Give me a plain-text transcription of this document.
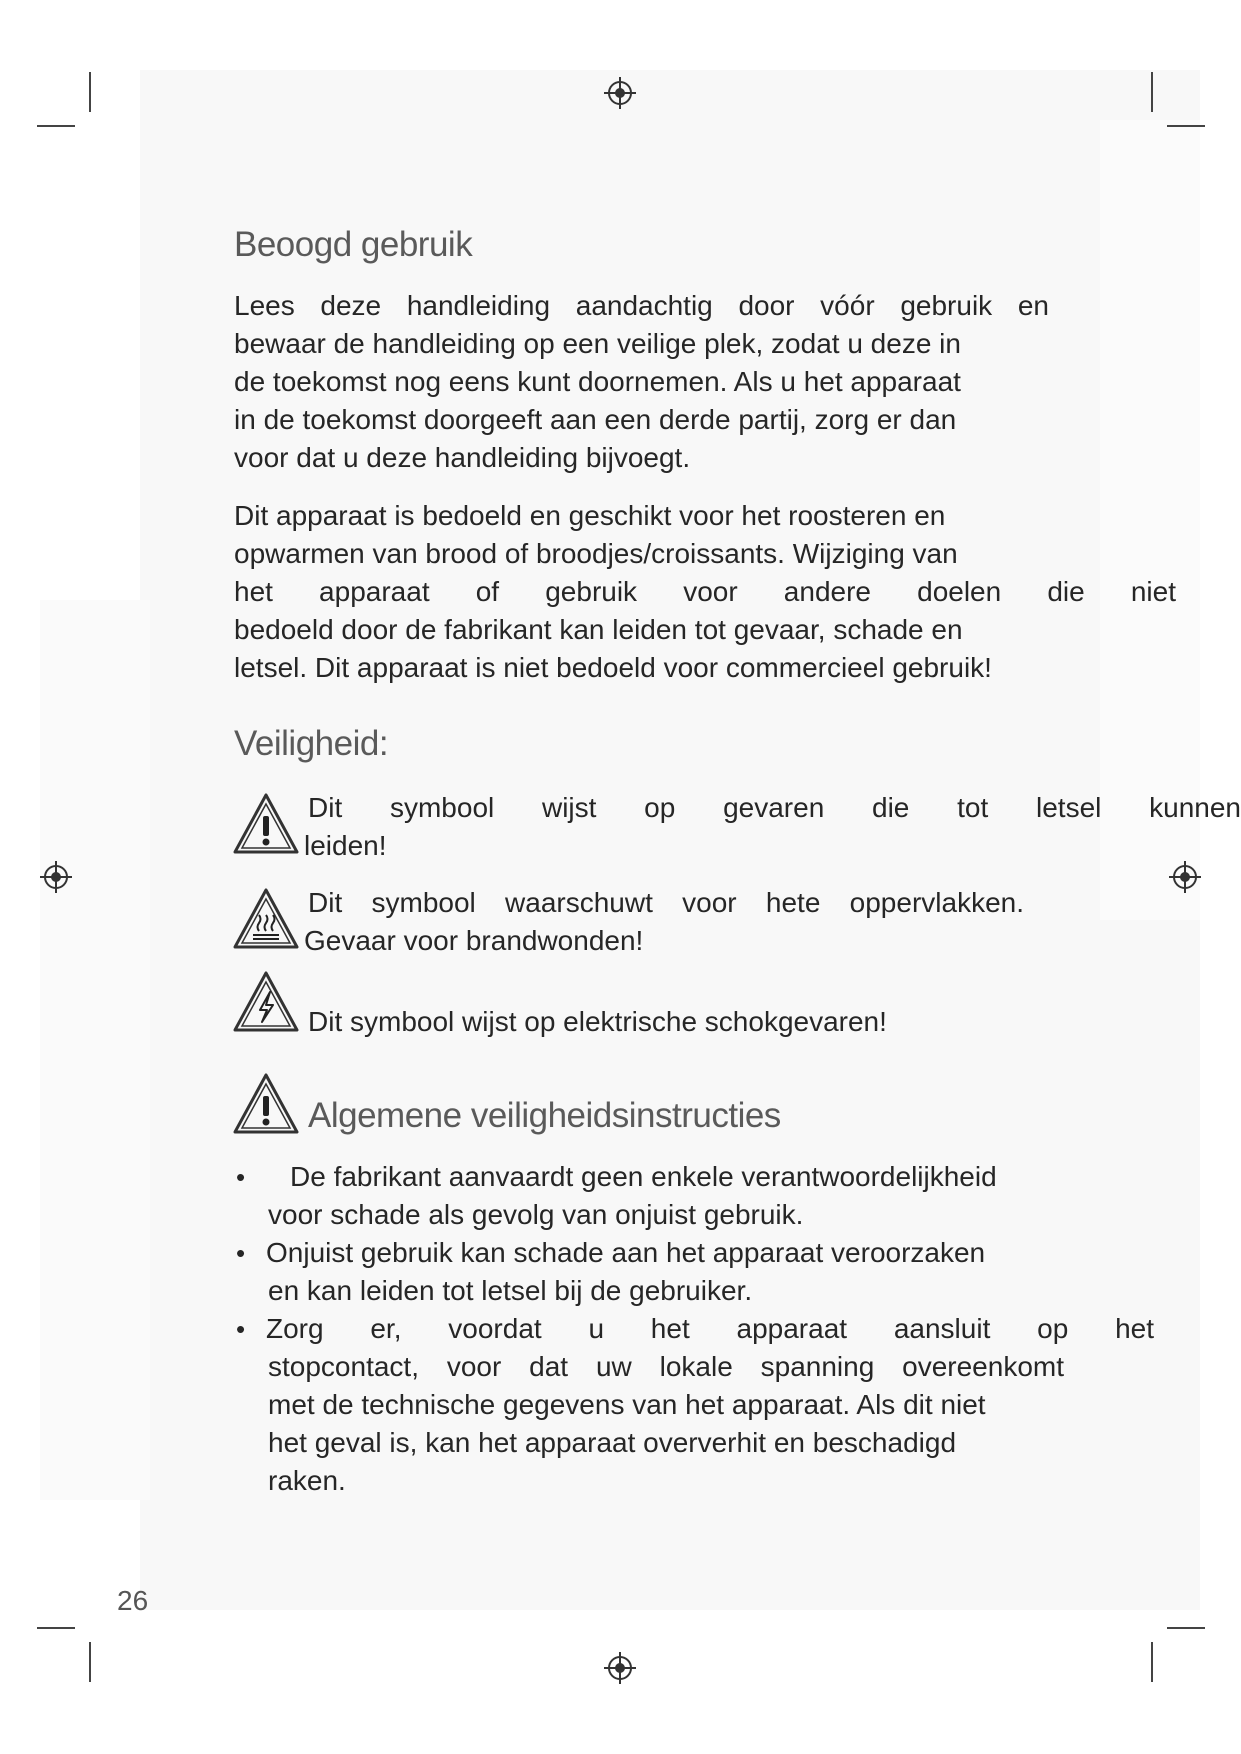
Beoogd gebruik

Lees deze handleiding aandachtig door vóór gebruik en

bewaar de handleiding op een veilige plek, zodat u deze in

de toekomst nog eens kunt doornemen. Als u het apparaat

in de toekomst doorgeeft aan een derde partij, zorg er dan

voor dat u deze handleiding bijvoegt.

Dit apparaat is bedoeld en geschikt voor het roosteren en

opwarmen van brood of broodjes/croissants. Wijziging van

het apparaat of gebruik voor andere doelen die niet

bedoeld door de fabrikant kan leiden tot gevaar, schade en

letsel. Dit apparaat is niet bedoeld voor commercieel gebruik!

Veiligheid:

Dit symbool wijst op gevaren die tot letsel kunnen

leiden!

Dit symbool waarschuwt voor hete oppervlakken.

Gevaar voor brandwonden!

Dit symbool wijst op elektrische schokgevaren!

Algemene veiligheidsinstructies
• De fabrikant aanvaardt geen enkele verantwoordelijkheid

voor schade als gevolg van onjuist gebruik.

• Onjuist gebruik kan schade aan het apparaat veroorzaken

en kan leiden tot letsel bij de gebruiker.

• Zorg er, voordat u het apparaat aansluit op het

stopcontact, voor dat uw lokale spanning overeenkomt

met de technische gegevens van het apparaat. Als dit niet

het geval is, kan het apparaat oververhit en beschadigd

raken.

26
